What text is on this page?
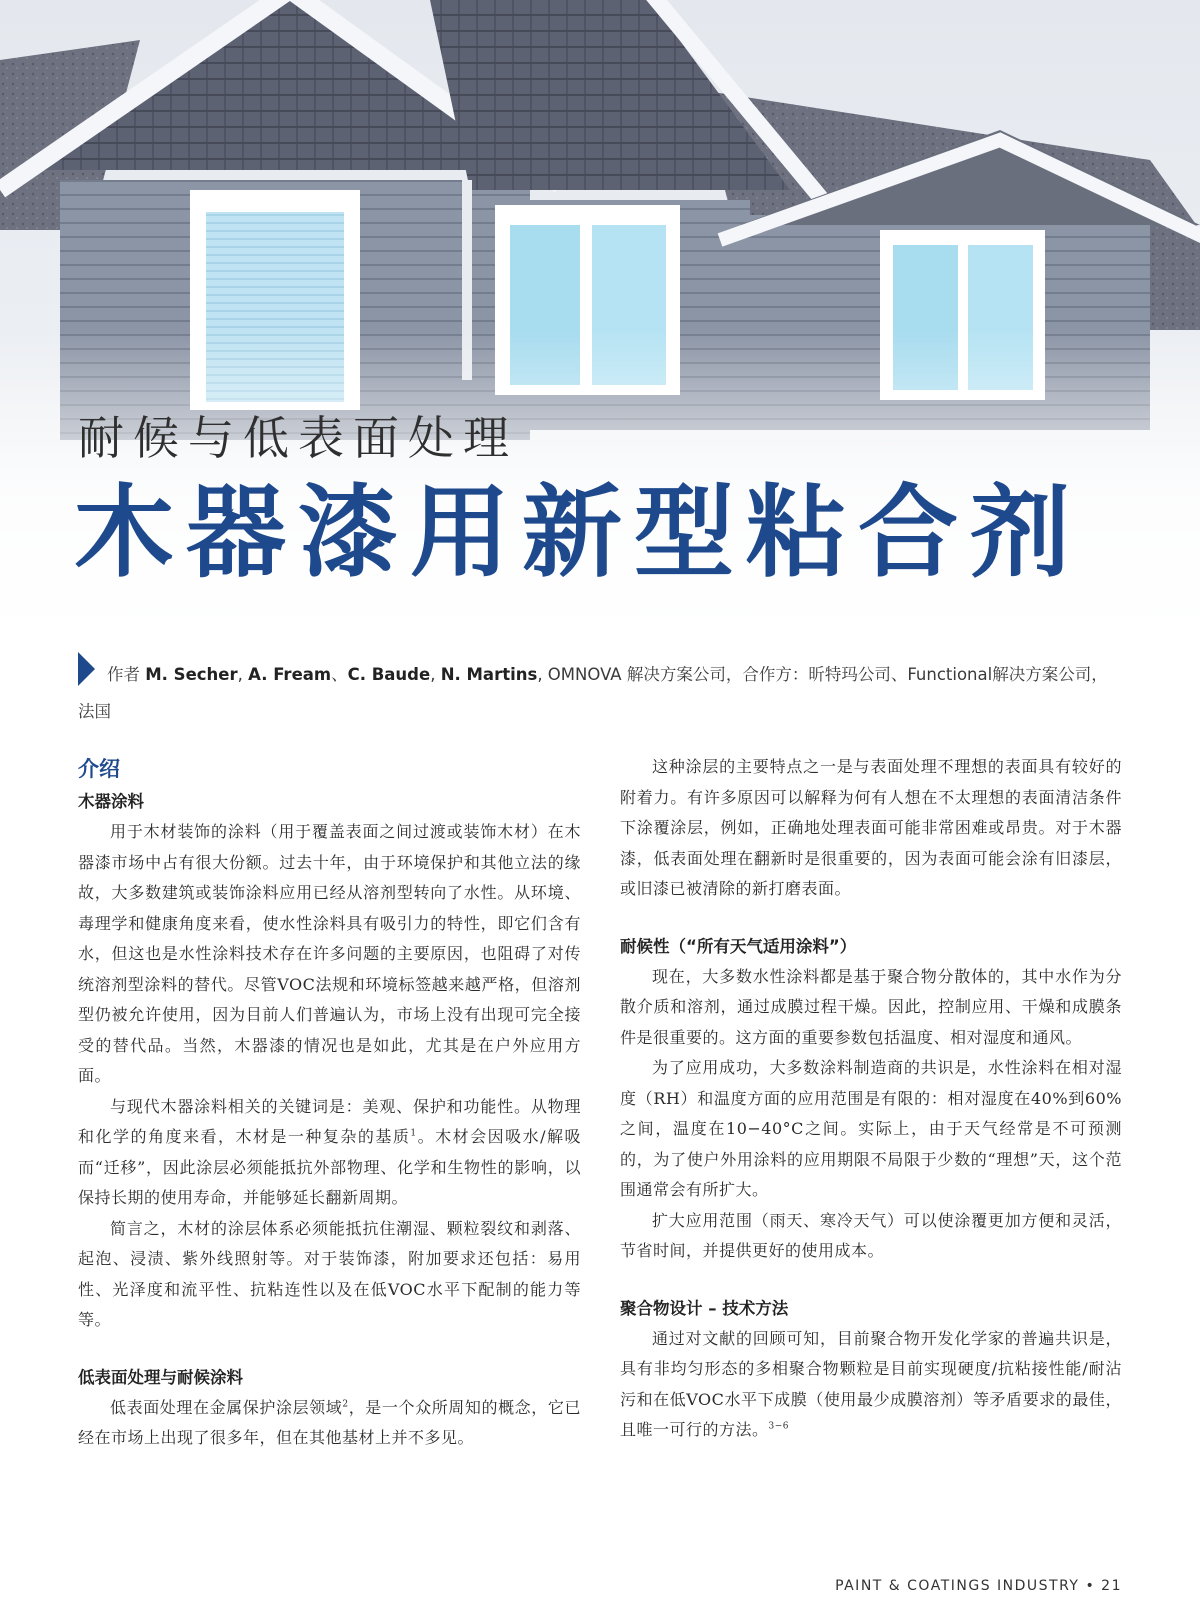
耐候与低表面处理
木器漆用新型粘合剂
作者 M. Secher, A. Fream、C. Baude, N. Martins, OMNOVA 解决方案公司，合作方：昕特玛公司、Functional解决方案公司，法国
介绍
木器涂料

用于木材装饰的涂料（用于覆盖表面之间过渡或装饰木材）在木器漆市场中占有很大份额。过去十年，由于环境保护和其他立法的缘故，大多数建筑或装饰涂料应用已经从溶剂型转向了水性。从环境、毒理学和健康角度来看，使水性涂料具有吸引力的特性，即它们含有水，但这也是水性涂料技术存在许多问题的主要原因，也阻碍了对传统溶剂型涂料的替代。尽管VOC法规和环境标签越来越严格，但溶剂型仍被允许使用，因为目前人们普遍认为，市场上没有出现可完全接受的替代品。当然，木器漆的情况也是如此，尤其是在户外应用方面。

与现代木器涂料相关的关键词是：美观、保护和功能性。从物理和化学的角度来看，木材是一种复杂的基质$^1$。木材会因吸水/解吸而“迁移”，因此涂层必须能抵抗外部物理、化学和生物性的影响，以保持长期的使用寿命，并能够延长翻新周期。

简言之，木材的涂层体系必须能抵抗住潮湿、颗粒裂纹和剥落、起泡、浸渍、紫外线照射等。对于装饰漆，附加要求还包括：易用性、光泽度和流平性、抗粘连性以及在低VOC水平下配制的能力等等。

低表面处理与耐候涂料

低表面处理在金属保护涂层领域$^2$，是一个众所周知的概念，它已经在市场上出现了很多年，但在其他基材上并不多见。

这种涂层的主要特点之一是与表面处理不理想的表面具有较好的附着力。有许多原因可以解释为何有人想在不太理想的表面清洁条件下涂覆涂层，例如，正确地处理表面可能非常困难或昂贵。对于木器漆，低表面处理在翻新时是很重要的，因为表面可能会涂有旧漆层，或旧漆已被清除的新打磨表面。

耐候性（“所有天气适用涂料”）

现在，大多数水性涂料都是基于聚合物分散体的，其中水作为分散介质和溶剂，通过成膜过程干燥。因此，控制应用、干燥和成膜条件是很重要的。这方面的重要参数包括温度、相对湿度和通风。

为了应用成功，大多数涂料制造商的共识是，水性涂料在相对湿度（RH）和温度方面的应用范围是有限的：相对湿度在40%到60%之间，温度在10−40°C之间。实际上，由于天气经常是不可预测的，为了使户外用涂料的应用期限不局限于少数的“理想”天，这个范围通常会有所扩大。

扩大应用范围（雨天、寒冷天气）可以使涂覆更加方便和灵活，节省时间，并提供更好的使用成本。

聚合物设计 – 技术方法

通过对文献的回顾可知，目前聚合物开发化学家的普遍共识是，具有非均匀形态的多相聚合物颗粒是目前实现硬度/抗粘接性能/耐沾污和在低VOC水平下成膜（使用最少成膜溶剂）等矛盾要求的最佳，且唯一可行的方法。$^{3-6}$

PAINT & COATINGS INDUSTRY • 21
